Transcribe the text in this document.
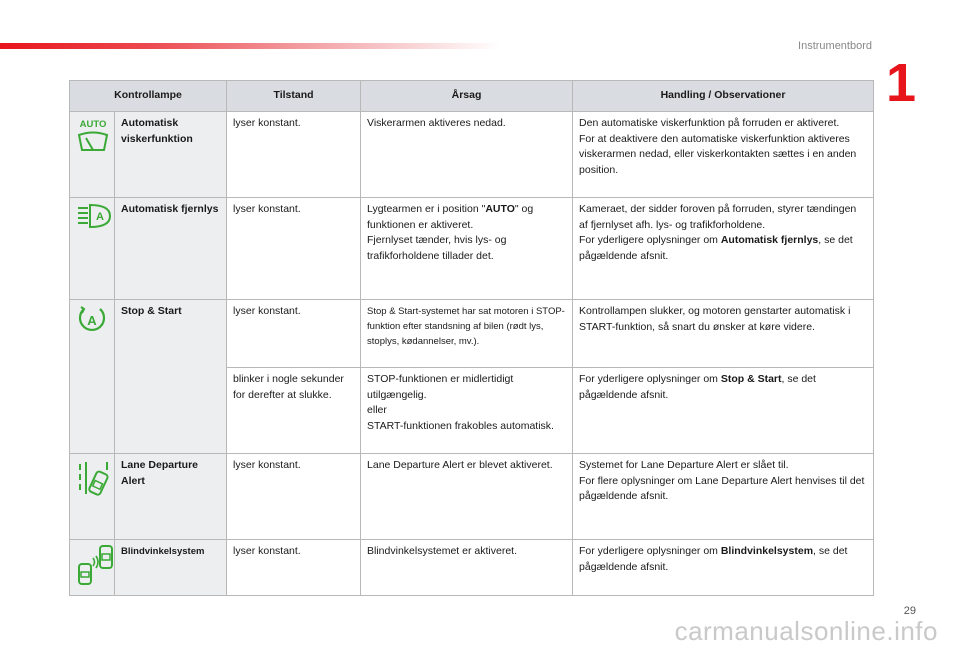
Instrumentbord
1
Kontrollampe		Tilstand	Årsag	Handling / Observationer

AUTO	Automatisk viskerfunktion	lyser konstant.	Viskerarmen aktiveres nedad.	Den automatiske viskerfunktion på forruden er aktiveret.
For at deaktivere den automatiske viskerfunktion aktiveres viskerarmen nedad, eller viskerkontakten sættes i en anden position.

A	Automatisk fjernlys	lyser konstant.	Lygtearmen er i position "AUTO" og funktionen er aktiveret.
Fjernlyset tænder, hvis lys- og trafikforholdene tillader det.	Kameraet, der sidder foroven på forruden, styrer tændingen af fjernlyset afh. lys- og trafikforholdene.
For yderligere oplysninger om Automatisk fjernlys, se det pågældende afsnit.

A	Stop & Start	lyser konstant.	Stop & Start-systemet har sat motoren i STOP-funktion efter standsning af bilen (rødt lys, stoplys, kødannelser, mv.).	Kontrollampen slukker, og motoren genstarter automatisk i START-funktion, så snart du ønsker at køre videre.
		blinker i nogle sekunder for derefter at slukke.	STOP-funktionen er midlertidigt utilgængelig.
eller
START-funktionen frakobles automatisk.	For yderligere oplysninger om Stop & Start, se det pågældende afsnit.

	Lane Departure Alert	lyser konstant.	Lane Departure Alert er blevet aktiveret.	Systemet for Lane Departure Alert er slået til.
For flere oplysninger om Lane Departure Alert henvises til det pågældende afsnit.

	Blindvinkelsystem	lyser konstant.	Blindvinkelsystemet er aktiveret.	For yderligere oplysninger om Blindvinkelsystem, se det pågældende afsnit.
29
carmanualsonline.info
